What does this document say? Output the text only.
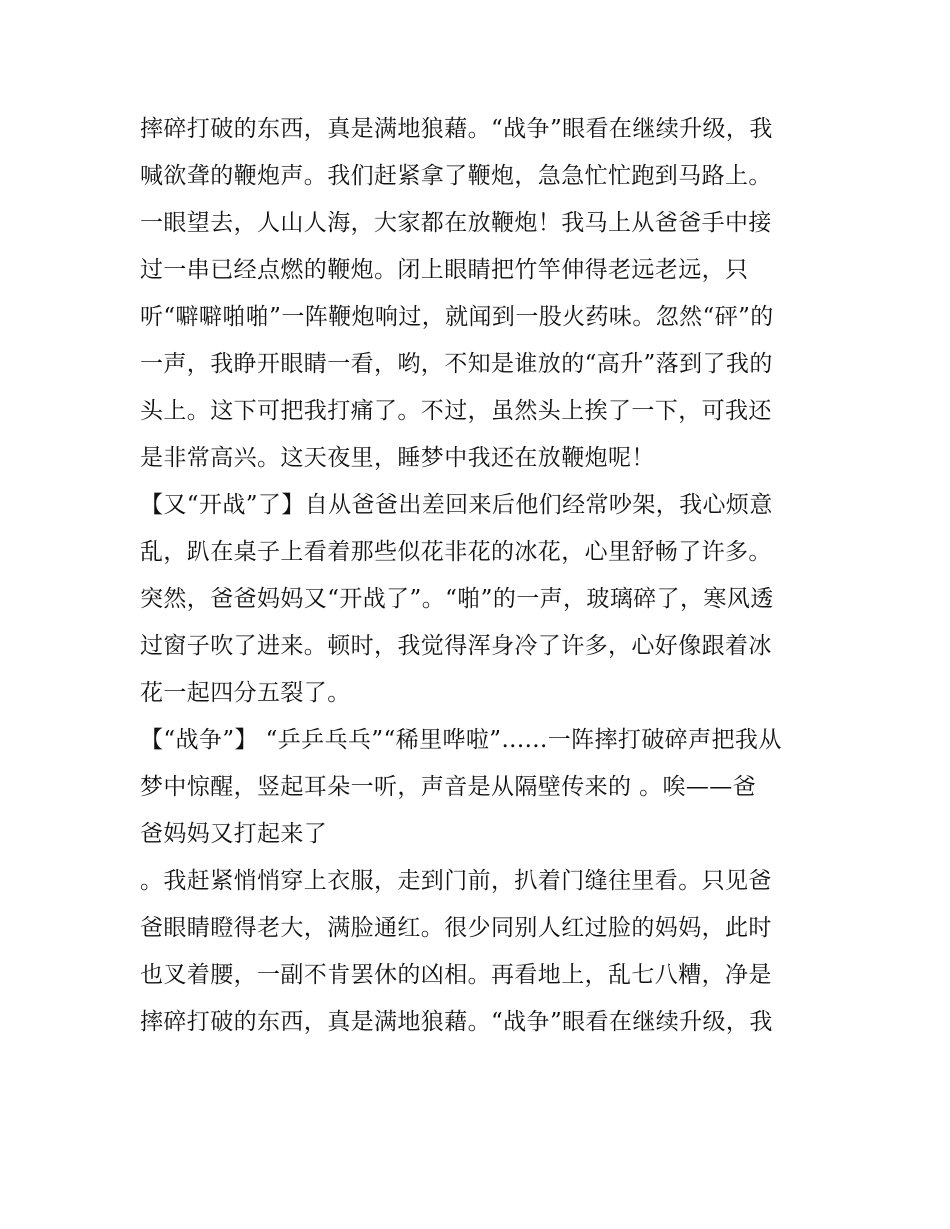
摔碎打破的东西，真是满地狼藉。“战争”眼看在继续升级，我
喊欲聋的鞭炮声。我们赶紧拿了鞭炮，急急忙忙跑到马路上。
一眼望去，人山人海，大家都在放鞭炮！我马上从爸爸手中接
过一串已经点燃的鞭炮。闭上眼睛把竹竿伸得老远老远，只
听“噼噼啪啪”一阵鞭炮响过，就闻到一股火药味。忽然“砰”的
一声，我睁开眼睛一看，哟，不知是谁放的“高升”落到了我的
头上。这下可把我打痛了。不过，虽然头上挨了一下，可我还
是非常高兴。这天夜里，睡梦中我还在放鞭炮呢！
【又“开战”了】自从爸爸出差回来后他们经常吵架，我心烦意
乱，趴在桌子上看着那些似花非花的冰花，心里舒畅了许多。
突然，爸爸妈妈又“开战了”。“啪”的一声，玻璃碎了，寒风透
过窗子吹了进来。顿时，我觉得浑身冷了许多，心好像跟着冰
花一起四分五裂了。
【“战争”】 “乒乒乓乓”“稀里哗啦”......一阵摔打破碎声把我从
梦中惊醒，竖起耳朵一听，声音是从隔壁传来的 。唉——爸
爸妈妈又打起来了
。我赶紧悄悄穿上衣服，走到门前，扒着门缝往里看。只见爸
爸眼睛瞪得老大，满脸通红。很少同别人红过脸的妈妈，此时
也叉着腰，一副不肯罢休的凶相。再看地上，乱七八糟，净是
摔碎打破的东西，真是满地狼藉。“战争”眼看在继续升级，我
